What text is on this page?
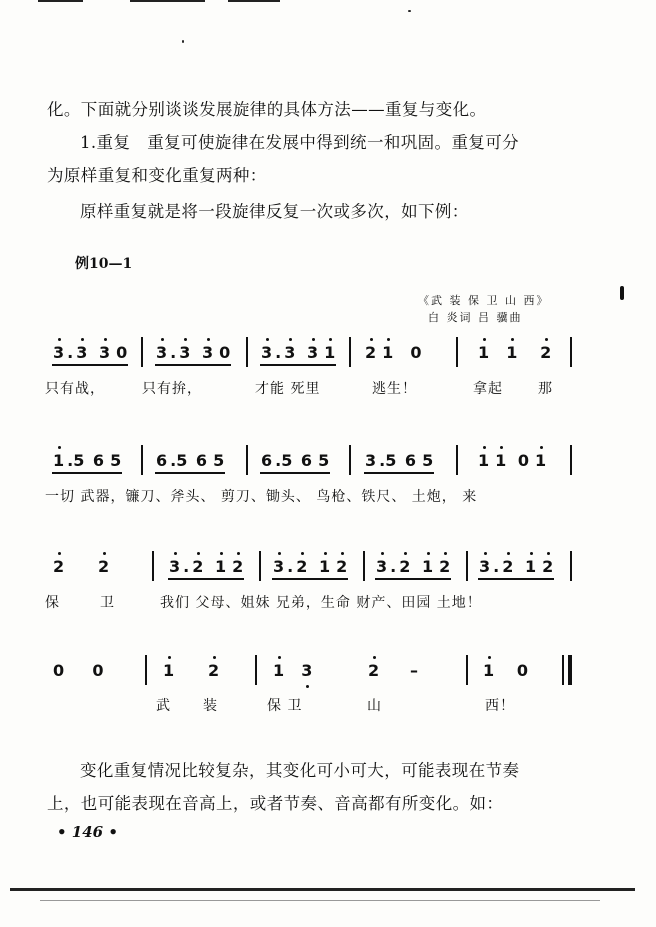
化。下面就分别谈谈发展旋律的具体方法——重复与变化。
1.重复　重复可使旋律在发展中得到统一和巩固。重复可分
为原样重复和变化重复两种：
原样重复就是将一段旋律反复一次或多次，如下例：
例10—1
《武 装 保 卫 山 西》
白 炎词 吕 骥曲
3 . 3 3 0 3 . 3 3 0 3 . 3 3 1 2 1 0	1 1 2
只有战，	只有拚，	才能 死里	逃生！	拿起	那
1 .5 6 5 6 .5 6 5 6 .5 6 5 3 .5 6 5	1 1 0 1
一切 武器，镰刀、斧头、 剪刀、锄头、 鸟枪、铁尺、 土炮， 来
2 2	3 . 2 1 2 3 . 2 1 2 3 . 2 1 2 3 . 2 1 2
保	卫	我们 父母、姐妹 兄弟，生命 财产、田园 土地！
0 0	1 2	1 3	2     –	1 0
武 装	保 卫	山	西！
变化重复情况比较复杂，其变化可小可大，可能表现在节奏
上，也可能表现在音高上，或者节奏、音高都有所变化。如：
• 146 •
